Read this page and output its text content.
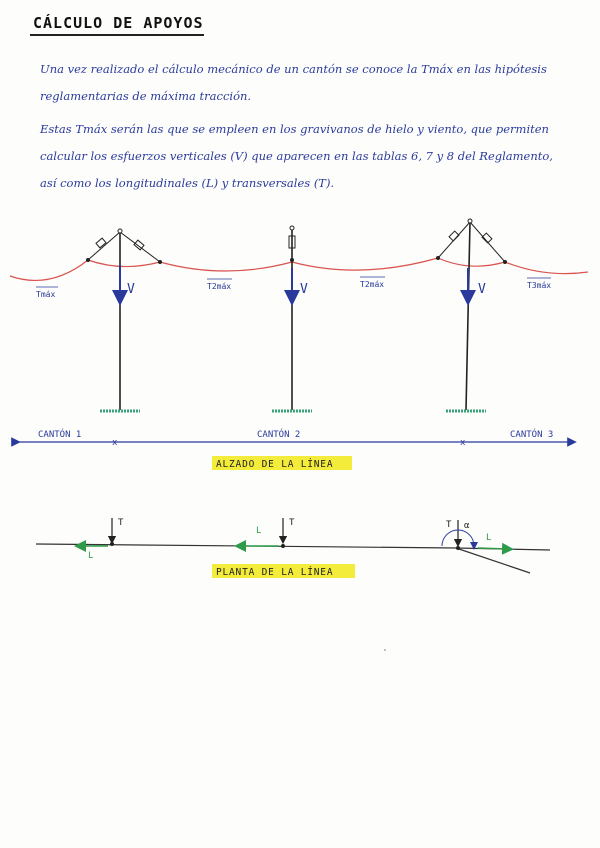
CÁLCULO DE APOYOS

Una vez realizado el cálculo mecánico de un cantón se conoce la Tmáx en las hipótesis reglamentarias de máxima tracción.

Estas Tmáx serán las que se empleen en los gravivanos de hielo y viento, que permiten calcular los esfuerzos verticales (V) que aparecen en las tablas 6, 7 y 8 del Reglamento, así como los longitudinales (L) y transversales (T).

V	V	V
Tmáx
T2máx	T2máx	T3máx
x	x
CANTÓN 1	CANTÓN 2	CANTÓN 3
ALZADO DE LA LÍNEA
T
L
T
L
T α
L
PLANTA DE LA LÍNEA
